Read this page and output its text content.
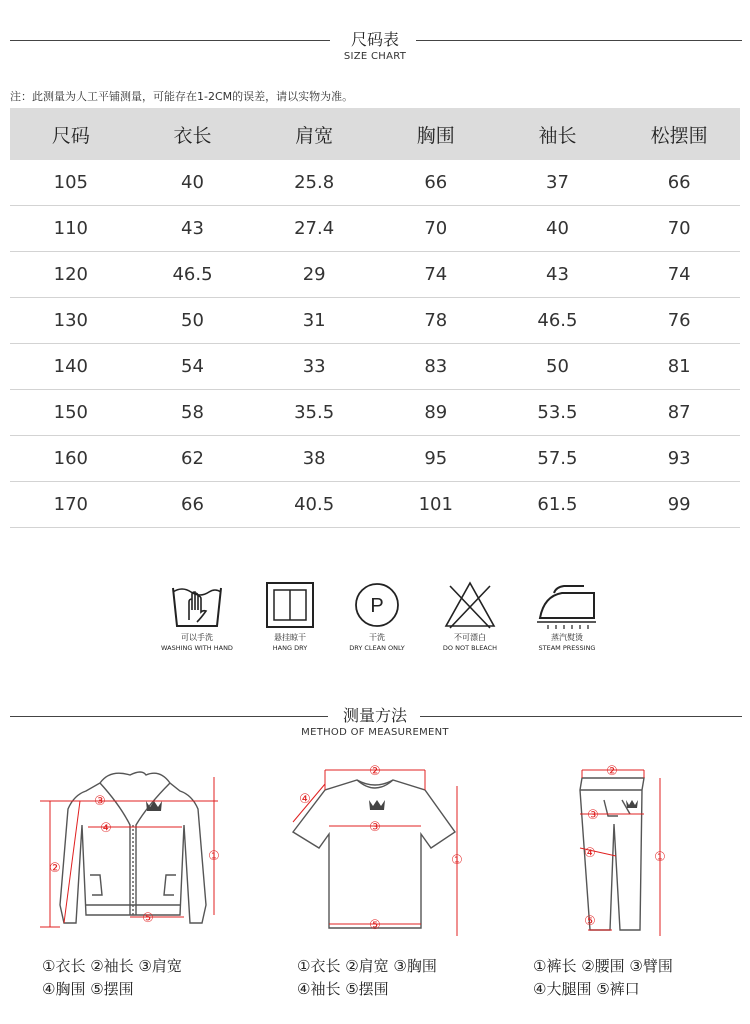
尺码表
SIZE CHART
注：此测量为人工平铺测量，可能存在1-2CM的误差，请以实物为准。
尺码	衣长	肩宽	胸围	袖长	松摆围
105	40	25.8	66	37	66
110	43	27.4	70	40	70
120	46.5	29	74	43	74
130	50	31	78	46.5	76
140	54	33	83	50	81
150	58	35.5	89	53.5	87
160	62	38	95	57.5	93
170	66	40.5	101	61.5	99
可以手洗
WASHING WITH HAND
悬挂晾干
HANG DRY
P
干洗
DRY CLEAN ONLY
不可漂白
DO NOT BLEACH
蒸汽熨烫
STEAM PRESSING
测量方法
METHOD OF MEASUREMENT
③
④
⑤
①
②
②
④
③
⑤
①
②
③
④
⑤
①
①衣长 ②袖长 ③肩宽
④胸围 ⑤摆围
①衣长 ②肩宽 ③胸围
④袖长 ⑤摆围
①裤长 ②腰围 ③臂围
④大腿围 ⑤裤口
